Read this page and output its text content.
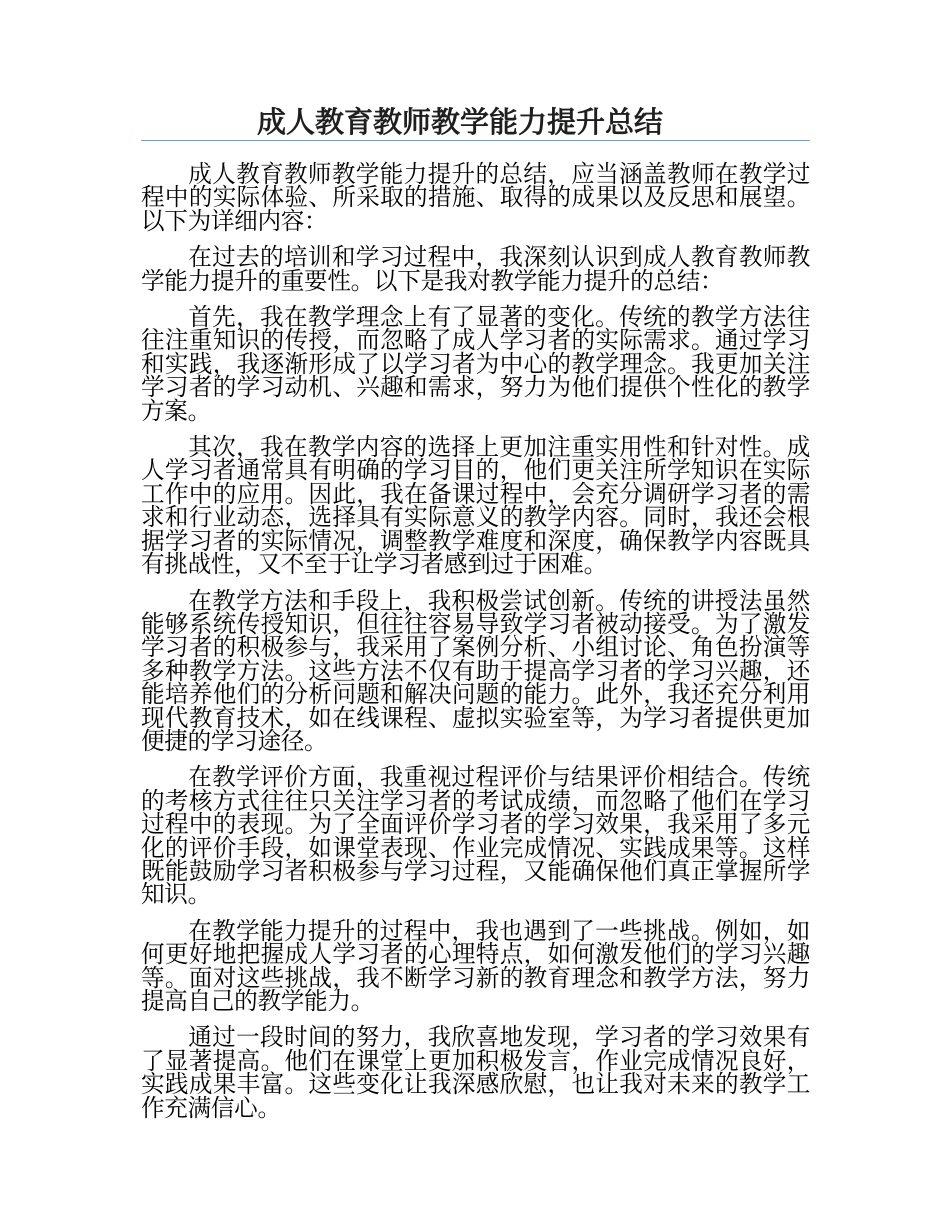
成人教育教师教学能力提升总结

成人教育教师教学能力提升的总结，应当涵盖教师在教学过程中的实际体验、所采取的措施、取得的成果以及反思和展望。以下为详细内容：

在过去的培训和学习过程中，我深刻认识到成人教育教师教学能力提升的重要性。以下是我对教学能力提升的总结：

首先，我在教学理念上有了显著的变化。传统的教学方法往往注重知识的传授，而忽略了成人学习者的实际需求。通过学习和实践，我逐渐形成了以学习者为中心的教学理念。我更加关注学习者的学习动机、兴趣和需求，努力为他们提供个性化的教学方案。

其次，我在教学内容的选择上更加注重实用性和针对性。成人学习者通常具有明确的学习目的，他们更关注所学知识在实际工作中的应用。因此，我在备课过程中，会充分调研学习者的需求和行业动态，选择具有实际意义的教学内容。同时，我还会根据学习者的实际情况，调整教学难度和深度，确保教学内容既具有挑战性，又不至于让学习者感到过于困难。

在教学方法和手段上，我积极尝试创新。传统的讲授法虽然能够系统传授知识，但往往容易导致学习者被动接受。为了激发学习者的积极参与，我采用了案例分析、小组讨论、角色扮演等多种教学方法。这些方法不仅有助于提高学习者的学习兴趣，还能培养他们的分析问题和解决问题的能力。此外，我还充分利用现代教育技术，如在线课程、虚拟实验室等，为学习者提供更加便捷的学习途径。

在教学评价方面，我重视过程评价与结果评价相结合。传统的考核方式往往只关注学习者的考试成绩，而忽略了他们在学习过程中的表现。为了全面评价学习者的学习效果，我采用了多元化的评价手段，如课堂表现、作业完成情况、实践成果等。这样既能鼓励学习者积极参与学习过程，又能确保他们真正掌握所学知识。

在教学能力提升的过程中，我也遇到了一些挑战。例如，如何更好地把握成人学习者的心理特点，如何激发他们的学习兴趣等。面对这些挑战，我不断学习新的教育理念和教学方法，努力提高自己的教学能力。

通过一段时间的努力，我欣喜地发现，学习者的学习效果有了显著提高。他们在课堂上更加积极发言，作业完成情况良好，实践成果丰富。这些变化让我深感欣慰，也让我对未来的教学工作充满信心。
